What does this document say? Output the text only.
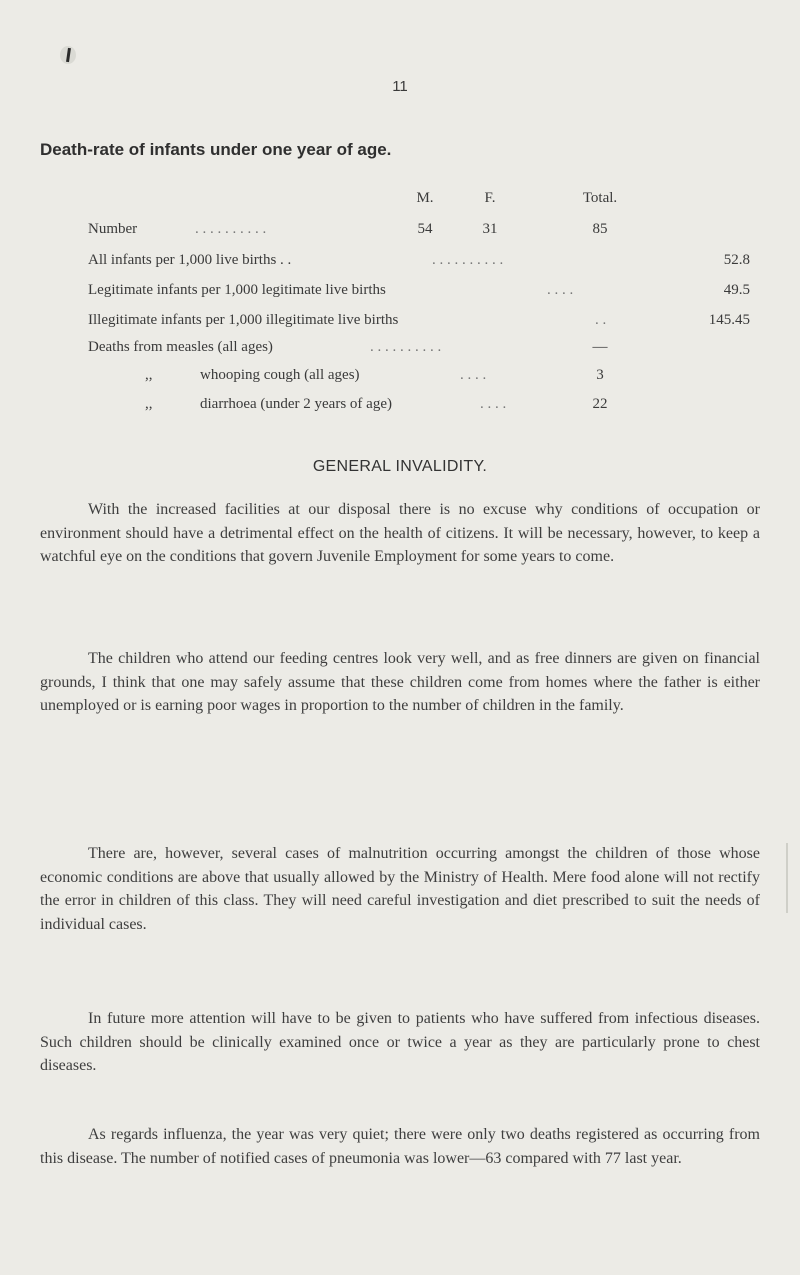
11
Death-rate of infants under one year of age.
M.	F.	Total.
Number	. . . . . . . . . .	54	31	85
All infants per 1,000 live births . .	. . . . . . . . . .	52.8
Legitimate infants per 1,000 legitimate live births	. . . .	49.5
Illegitimate infants per 1,000 illegitimate live births	. .	145.45
Deaths from measles (all ages)	. . . . . . . . . .	—
,,	whooping cough (all ages)	. . . .	3
,,	diarrhoea (under 2 years of age)	. . . .	22
GENERAL INVALIDITY.

With the increased facilities at our disposal there is no excuse why conditions of occupation or environment should have a detrimental effect on the health of citizens. It will be necessary, however, to keep a watchful eye on the conditions that govern Juvenile Employment for some years to come.

The children who attend our feeding centres look very well, and as free dinners are given on financial grounds, I think that one may safely assume that these children come from homes where the father is either unemployed or is earning poor wages in proportion to the number of children in the family.

There are, however, several cases of malnutrition occurring amongst the children of those whose economic conditions are above that usually allowed by the Ministry of Health. Mere food alone will not rectify the error in children of this class. They will need careful investigation and diet prescribed to suit the needs of individual cases.

In future more attention will have to be given to patients who have suffered from infectious diseases. Such children should be clinically examined once or twice a year as they are particularly prone to chest diseases.

As regards influenza, the year was very quiet; there were only two deaths registered as occurring from this disease. The number of notified cases of pneumonia was lower—63 compared with 77 last year.
